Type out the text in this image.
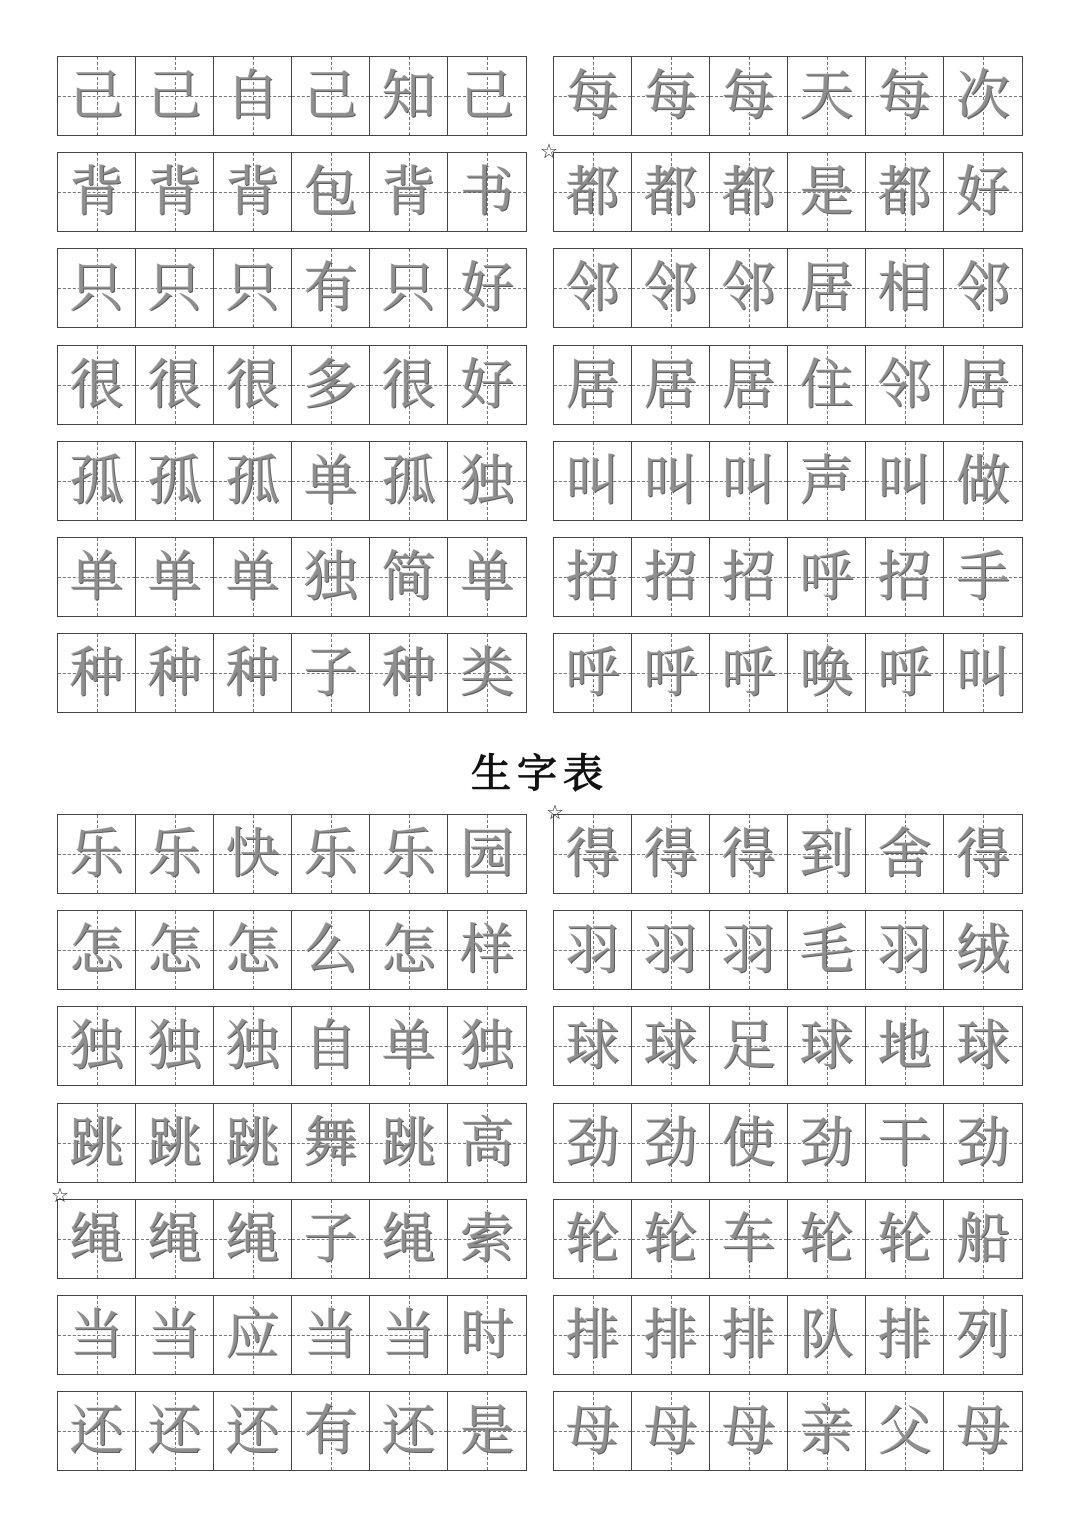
己 己 自 己 知 己
背 背 背 包 背 书
只 只 只 有 只 好
很 很 很 多 很 好
孤 孤 孤 单 孤 独
单 单 单 独 简 单
种 种 种 子 种 类
每 每 每 天 每 次
都 都 都 是 都 好
邻 邻 邻 居 相 邻
居 居 居 住 邻 居
叫 叫 叫 声 叫 做
招 招 招 呼 招 手
呼 呼 呼 唤 呼 叫
乐 乐 快 乐 乐 园
怎 怎 怎 么 怎 样
独 独 独 自 单 独
跳 跳 跳 舞 跳 高
绳 绳 绳 子 绳 索
当 当 应 当 当 时
还 还 还 有 还 是
得 得 得 到 舍 得
羽 羽 羽 毛 羽 绒
球 球 足 球 地 球
劲 劲 使 劲 干 劲
轮 轮 车 轮 轮 船
排 排 排 队 排 列
母 母 母 亲 父 母
生字表
☆
☆
☆
